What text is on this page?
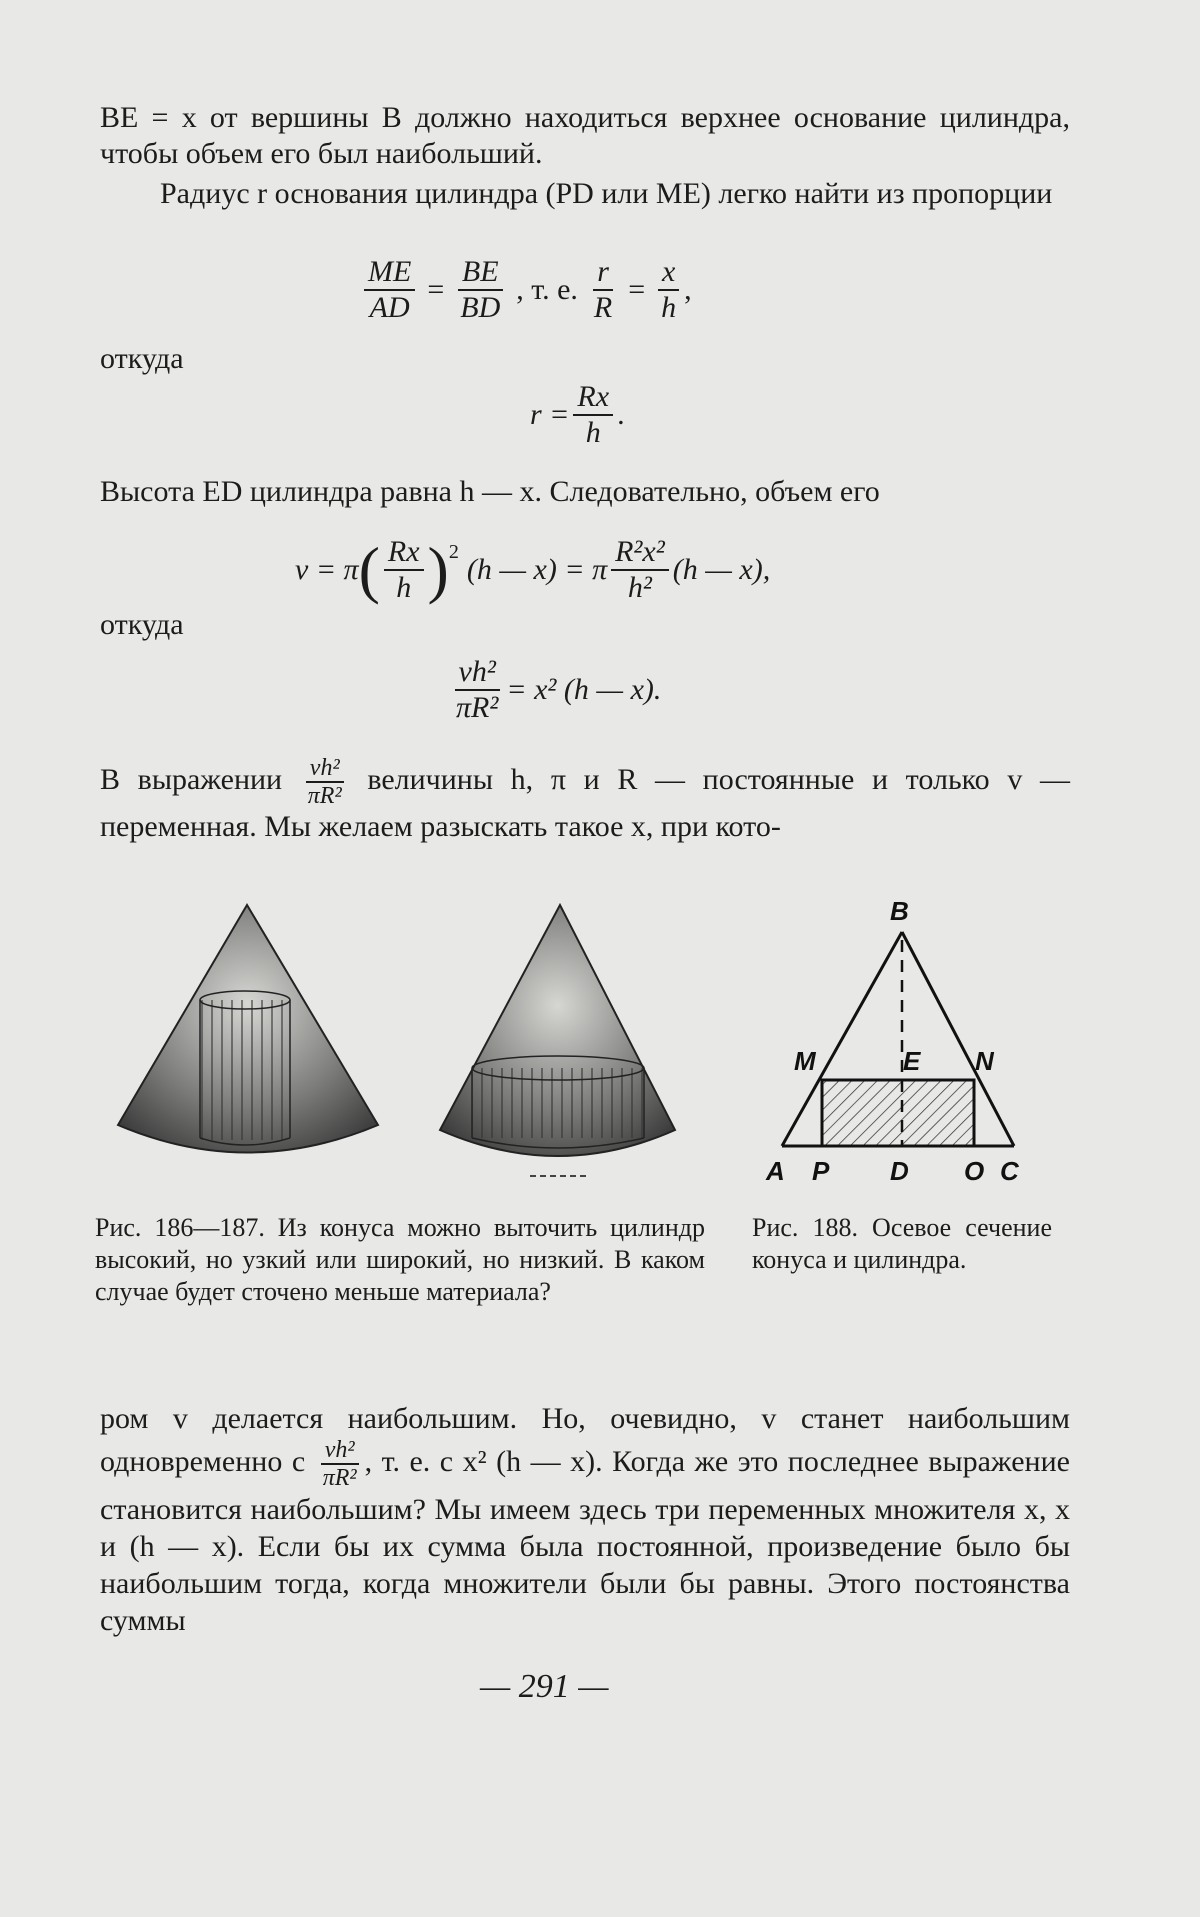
BE = x от вершины B должно находиться верхнее основание цилиндра, чтобы объем его был наибольший.
Радиус r основания цилиндра (PD или ME) легко найти из пропорции
$\frac{ME}{AD} = \frac{BE}{BD}$ , т. е. $\frac{r}{R} = \frac{x}{h}$ ,
откуда
$r = \frac{Rx}{h}$ .
Высота ED цилиндра равна h — x. Следовательно, объем его
v = π ( $\frac{Rx}{h} )^2$
(h — x) = π $\frac{\text{R²x²}}{\text{h²}} (h$ — x),
откуда
$\frac{\text{vh²}}{\text{πR²}} = x^2$ (h — x).
В выражении $\frac{\text{vh²}}{\text{πR²}}$ величины h, π и R — постоянные и только v — переменная. Мы желаем разыскать такое x, при кото-
B
M	E N
A P D O C
Рис. 186—187. Из конуса можно выточить цилиндр высокий, но узкий или широкий, но низкий. В каком случае будет сточено меньше материала?
Рис. 188. Осевое сечение конуса и цилиндра.
ром v делается наибольшим. Но, очевидно, v станет наибольшим одновременно с $\frac{\text{vh²}}{\text{πR²}}$ , т. е. с x² (h — x). Когда же это последнее выражение становится наибольшим? Мы имеем здесь три переменных множителя x, x и (h — x). Если бы их сумма была постоянной, произведение было бы наибольшим тогда, когда множители были бы равны. Этого постоянства суммы
— 291 —
